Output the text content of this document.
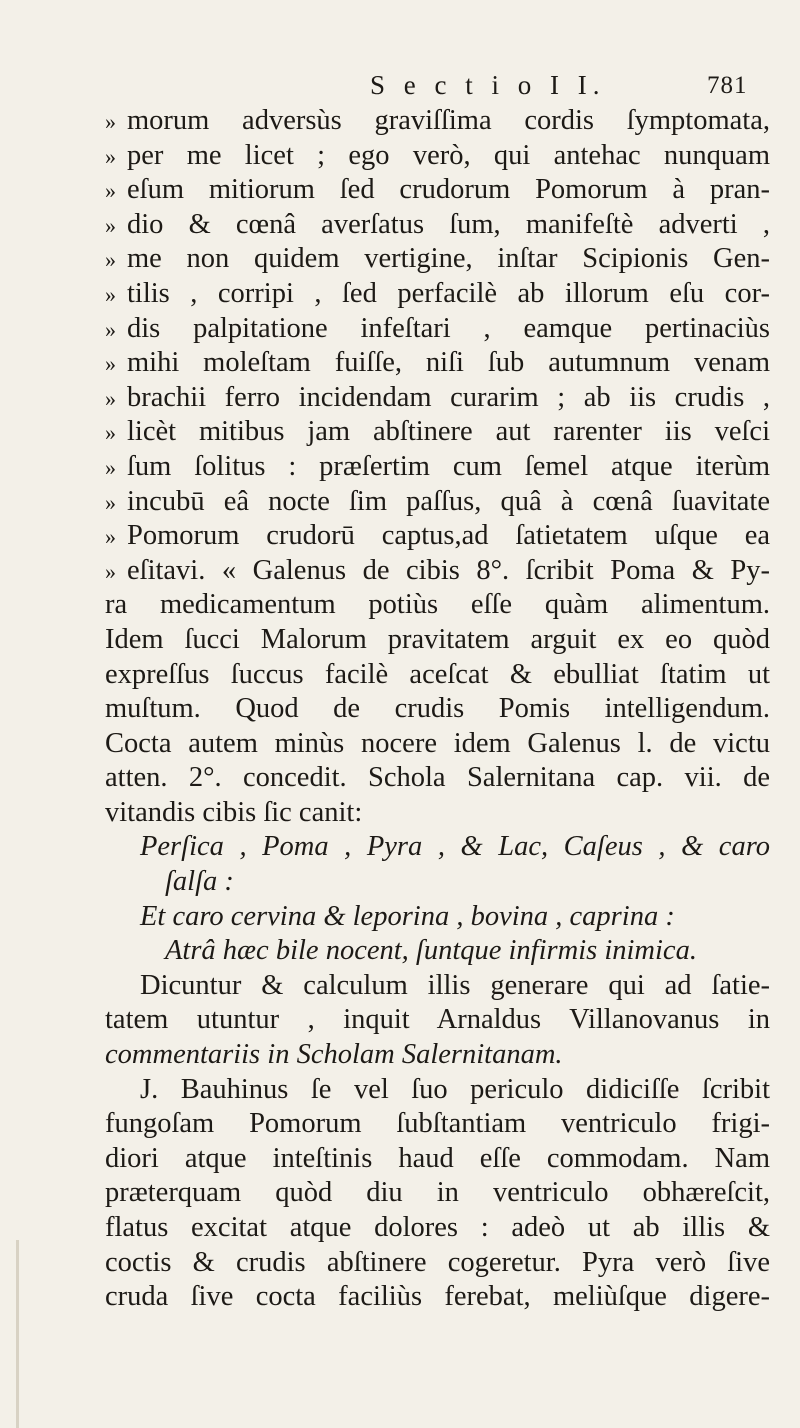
S e c t i o I I.	781
» morum adversùs graviſſima cordis ſymptomata,
» per me licet ; ego verò, qui antehac nunquam
» eſum mitiorum ſed crudorum Pomorum à pran-
» dio & cœnâ averſatus ſum, manifeſtè adverti ,
» me non quidem vertigine, inſtar Scipionis Gen-
» tilis , corripi , ſed perfacilè ab illorum eſu cor-
» dis palpitatione infeſtari , eamque pertinaciùs
» mihi moleſtam fuiſſe, niſi ſub autumnum venam
» brachii ferro incidendam curarim ; ab iis crudis ,
» licèt mitibus jam abſtinere aut rarenter iis veſci
» ſum ſolitus : præſertim cum ſemel atque iterùm
» incubū eâ nocte ſim paſſus, quâ à cœnâ ſuavitate
» Pomorum crudorū captus,ad ſatietatem uſque ea
» eſitavi. « Galenus de cibis 8°. ſcribit Poma & Py-
ra medicamentum potiùs eſſe quàm alimentum.
Idem ſucci Malorum pravitatem arguit ex eo quòd
expreſſus ſuccus facilè aceſcat & ebulliat ſtatim ut
muſtum. Quod de crudis Pomis intelligendum.
Cocta autem minùs nocere idem Galenus l. de victu
atten. 2°. concedit. Schola Salernitana cap. vii. de
vitandis cibis ſic canit:
Perſica , Poma , Pyra , & Lac, Caſeus , & caro
ſalſa :
Et caro cervina & leporina , bovina , caprina :
Atrâ hæc bile nocent, ſuntque infirmis inimica.
Dicuntur & calculum illis generare qui ad ſatie-
tatem utuntur , inquit Arnaldus Villanovanus in
commentariis in Scholam Salernitanam.
J. Bauhinus ſe vel ſuo periculo didiciſſe ſcribit
fungoſam Pomorum ſubſtantiam ventriculo frigi-
diori atque inteſtinis haud eſſe commodam. Nam
præterquam quòd diu in ventriculo obhæreſcit,
flatus excitat atque dolores : adeò ut ab illis &
coctis & crudis abſtinere cogeretur. Pyra verò ſive
cruda ſive cocta faciliùs ferebat, meliùſque digere-
